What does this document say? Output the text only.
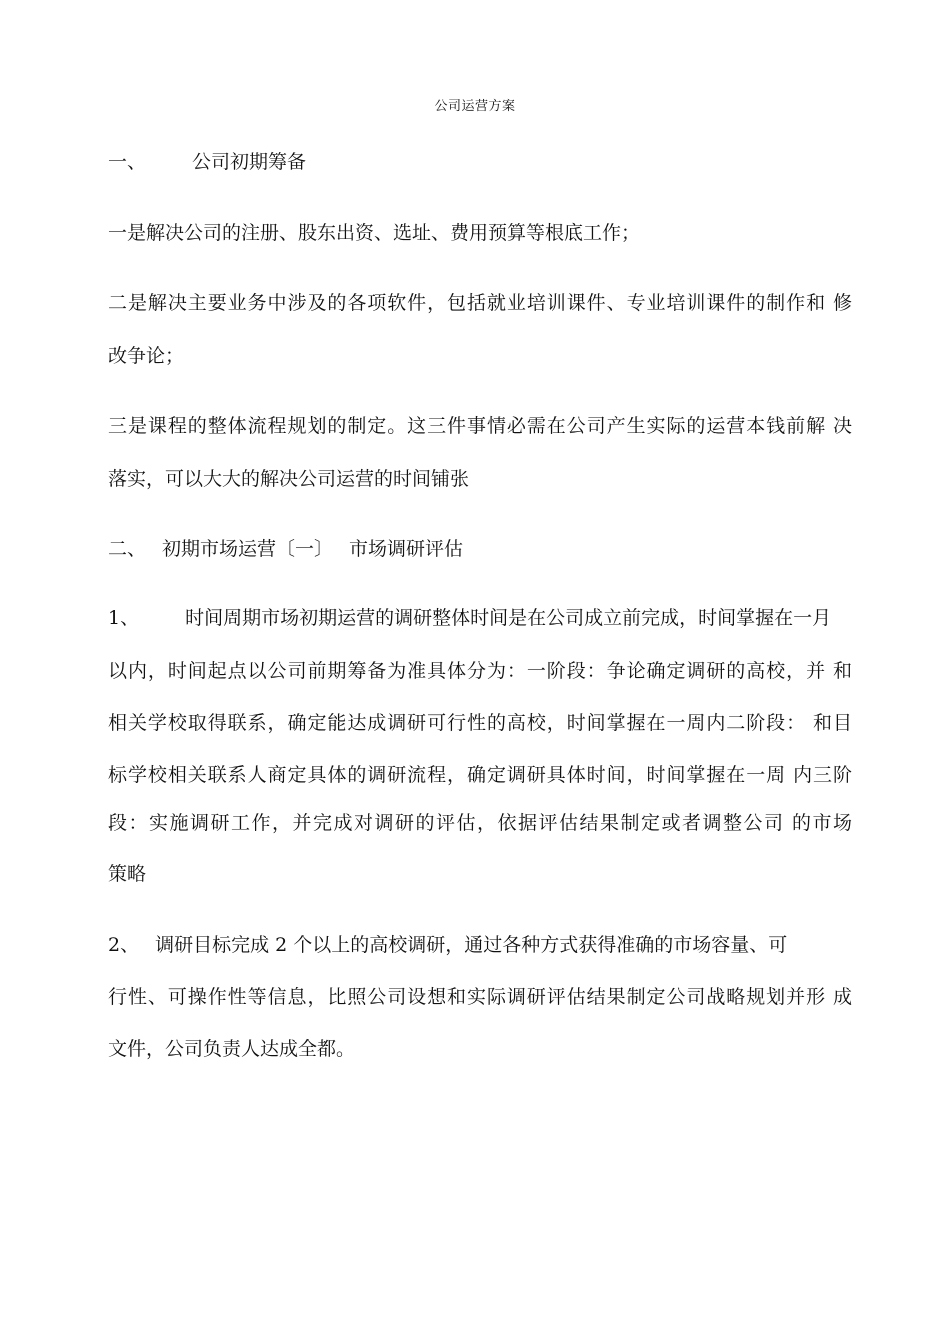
公司运营方案
一、 公司初期筹备
一是解决公司的注册、股东出资、选址、费用预算等根底工作；
二是解决主要业务中涉及的各项软件，包括就业培训课件、专业培训课件的制作和 修
改争论；
三是课程的整体流程规划的制定。这三件事情必需在公司产生实际的运营本钱前解 决
落实，可以大大的解决公司运营的时间铺张
二、 初期市场运营〔一〕 市场调研评估
1、 时间周期市场初期运营的调研整体时间是在公司成立前完成，时间掌握在一月
以内，时间起点以公司前期筹备为准具体分为：一阶段：争论确定调研的高校，并 和
相关学校取得联系，确定能达成调研可行性的高校，时间掌握在一周内二阶段： 和目
标学校相关联系人商定具体的调研流程，确定调研具体时间，时间掌握在一周 内三阶
段：实施调研工作，并完成对调研的评估，依据评估结果制定或者调整公司 的市场
策略
2、 调研目标完成 2 个以上的高校调研，通过各种方式获得准确的市场容量、可
行性、可操作性等信息，比照公司设想和实际调研评估结果制定公司战略规划并形 成
文件，公司负责人达成全都。
